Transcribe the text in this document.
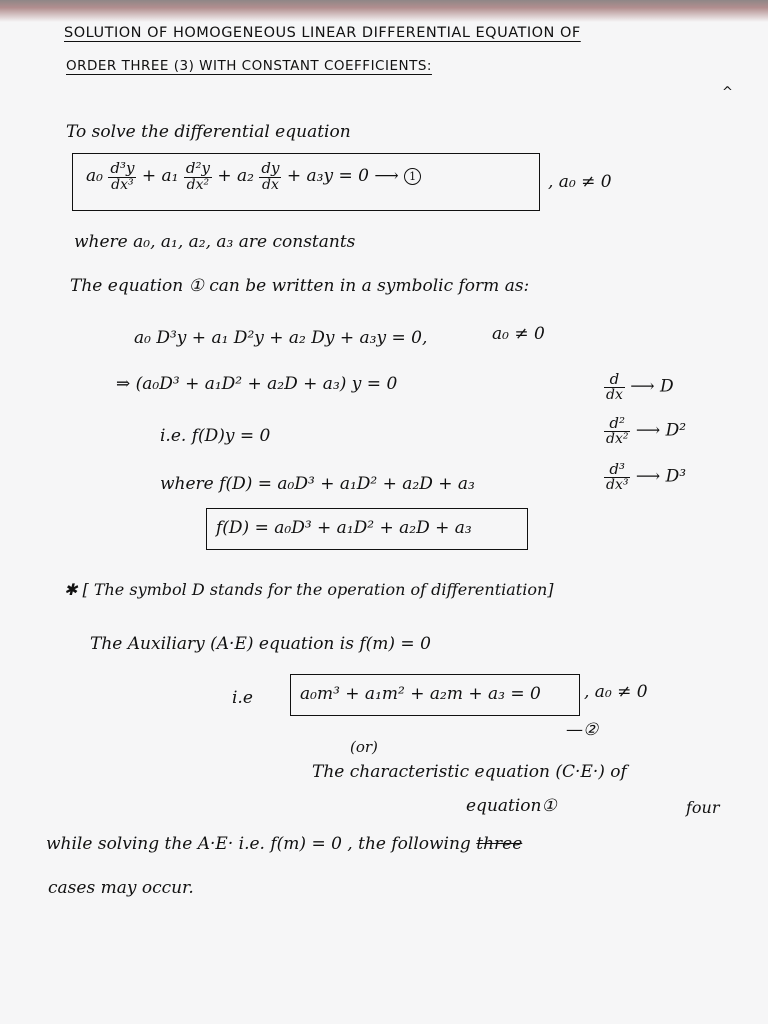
SOLUTION OF HOMOGENEOUS LINEAR DIFFERENTIAL EQUATION OF
ORDER THREE (3) WITH CONSTANT COEFFICIENTS:
^
To solve the differential equation
$a_0 \frac{\text{d³y}}{\text{dx³}} + a_1 \frac{\text{d²y}}{\text{dx²}} + a_2 \frac{dy}{dx} + a_3y = 0$ ⟶ 1	, a₀ ≠ 0
where a₀, a₁, a₂, a₃ are constants
The equation ① can be written in a symbolic form as:
a₀ D³y + a₁ D²y + a₂ Dy + a₃y = 0,	a₀ ≠ 0
⇒ (a₀D³ + a₁D² + a₂D + a₃) y = 0	$\frac{d}{dx}$ ⟶ D
$\frac{\text{d²}}{\text{dx²}}$ ⟶ D²
$\frac{\text{d³}}{\text{dx³}}$ ⟶ D³
i.e. f(D)y = 0
where f(D) = a₀D³ + a₁D² + a₂D + a₃
f(D) = a₀D³ + a₁D² + a₂D + a₃
✱ [ The symbol D stands for the operation of differentiation]
The Auxiliary (A·E) equation is f(m) = 0
i.e	a₀m³ + a₁m² + a₂m + a₃ = 0	, a₀ ≠ 0
—②
(or)
The characteristic equation (C·E·) of
equation①	four
while solving the A·E· i.e. f(m) = 0 , the following three
cases may occur.
